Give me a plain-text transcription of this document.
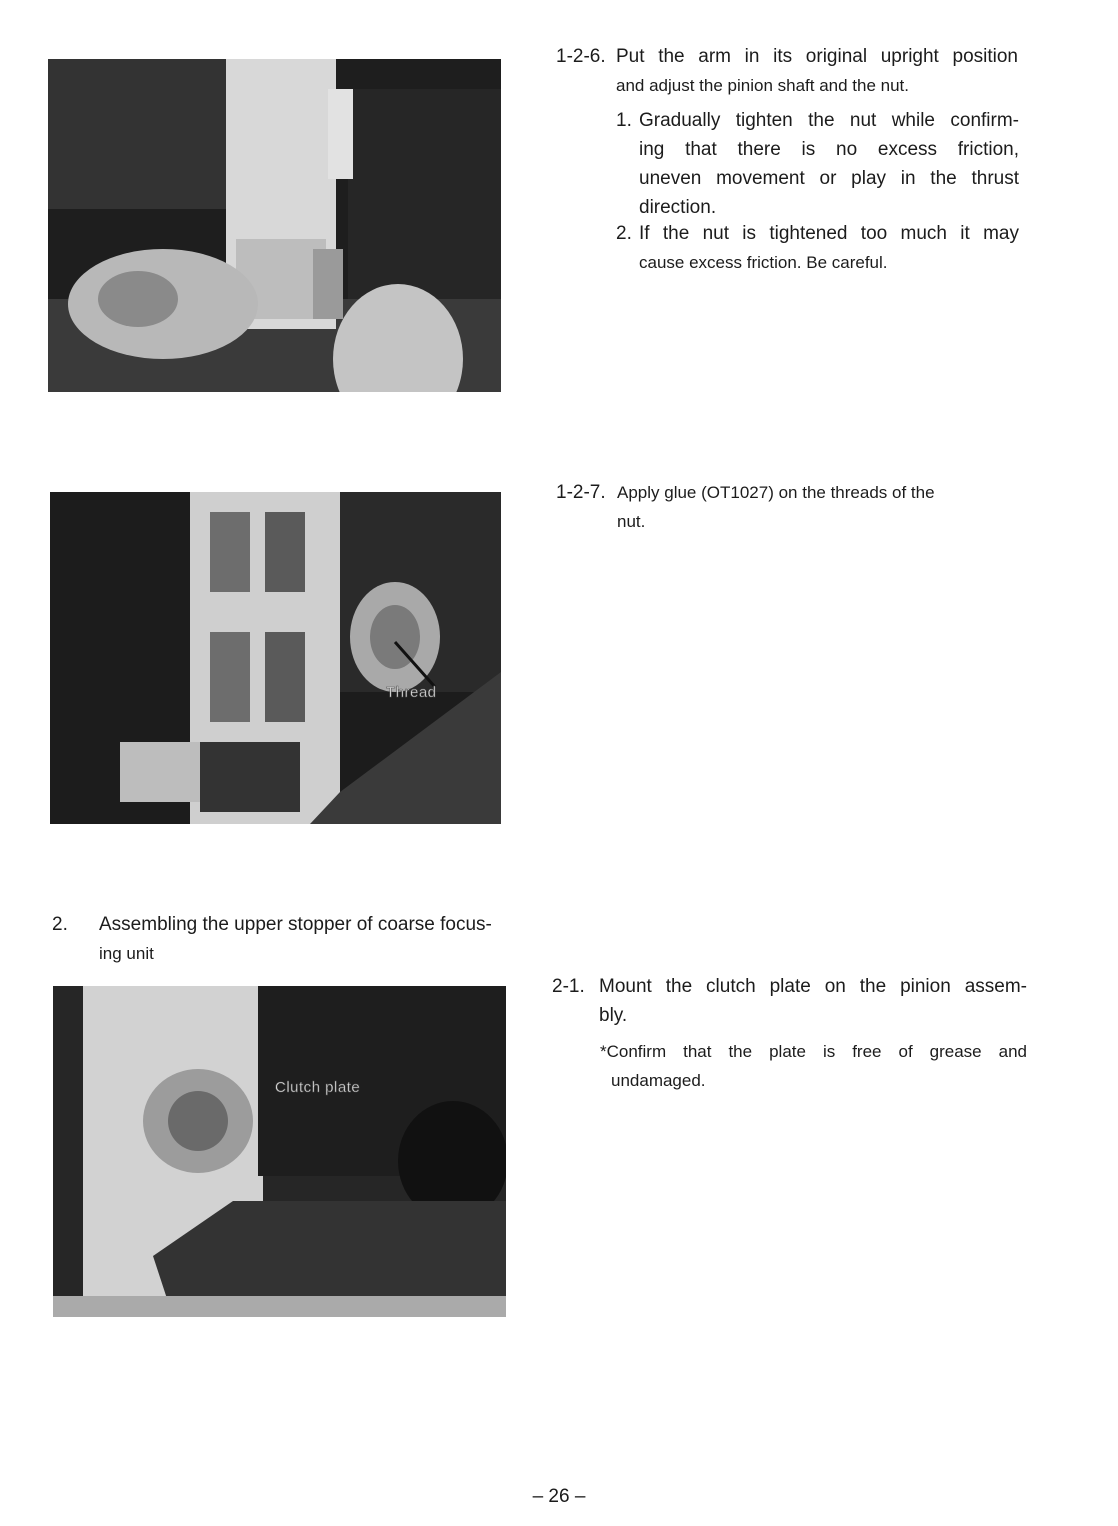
Thread
Clutch plate
1-2-6. Put the arm in its original upright position
and adjust the pinion shaft and the nut.
1. Gradually tighten the nut while confirm-
ing that there is no excess friction,
uneven movement or play in the thrust
direction.
2. If the nut is tightened too much it may
cause excess friction. Be careful.
1-2-7. Apply glue (OT1027) on the threads of the
nut.
2. Assembling the upper stopper of coarse focus-
ing unit
2-1. Mount the clutch plate on the pinion assem-
bly.
*Confirm that the plate is free of grease and
undamaged.
– 26 –
